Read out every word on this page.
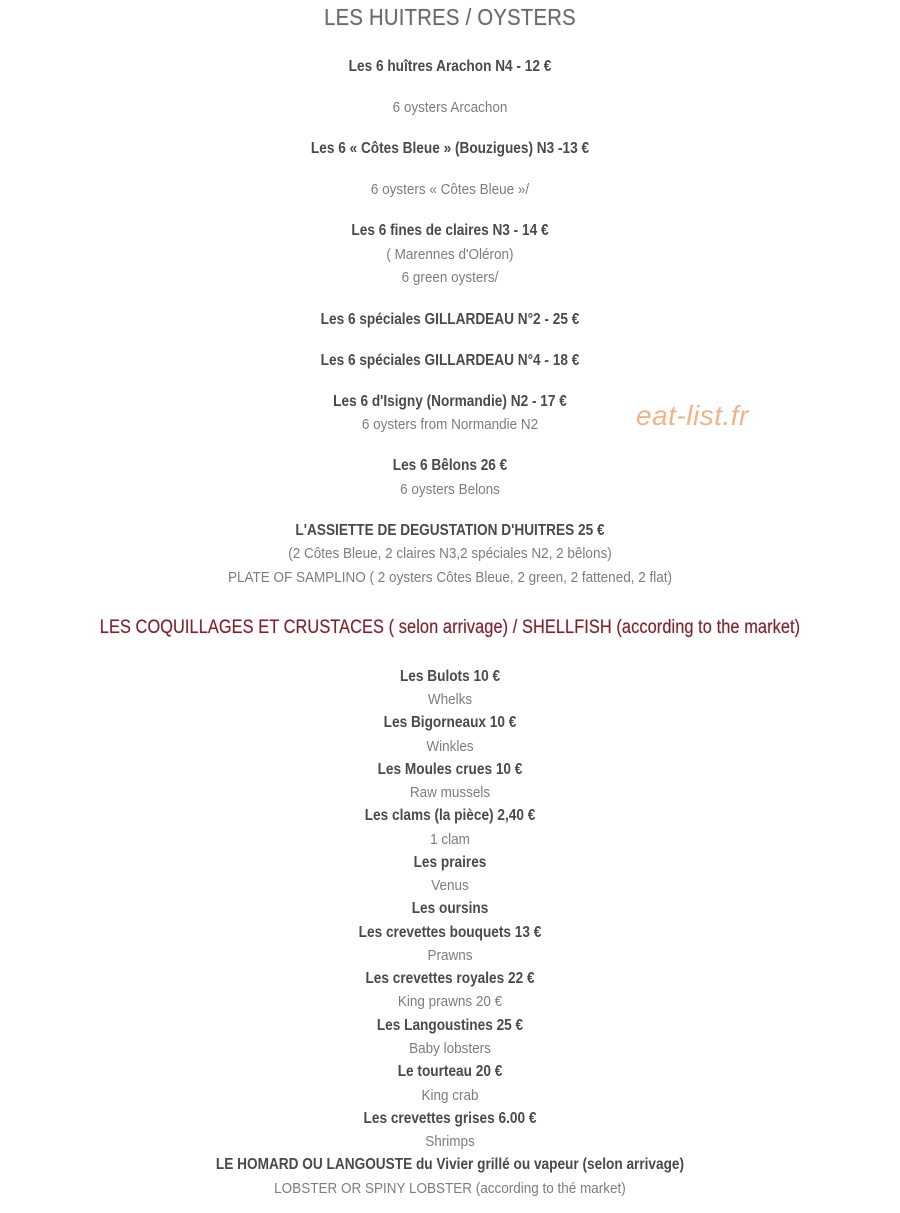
LES HUITRES / OYSTERS
Les 6 huîtres Arachon N4 - 12 €
6 oysters Arcachon
Les 6 « Côtes Bleue » (Bouzigues) N3 -13 €
6 oysters « Côtes Bleue »/
Les 6 fines de claires N3 - 14 €
( Marennes d'Oléron)
6 green oysters/
Les 6 spéciales GILLARDEAU N°2 - 25 €
Les 6 spéciales GILLARDEAU N°4 - 18 €
Les 6 d'Isigny (Normandie) N2 - 17 €
6 oysters from Normandie N2
Les 6 Bêlons 26 €
6 oysters Belons
L'ASSIETTE DE DEGUSTATION D'HUITRES 25 €
(2 Côtes Bleue, 2 claires N3,2 spéciales N2, 2 bêlons)
PLATE OF SAMPLINO ( 2 oysters Côtes Bleue, 2 green, 2 fattened, 2 flat)
LES COQUILLAGES ET CRUSTACES ( selon arrivage) / SHELLFISH (according to the market)
Les Bulots 10 €
Whelks
Les Bigorneaux 10 €
Winkles
Les Moules crues 10 €
Raw mussels
Les clams (la pièce) 2,40 €
1 clam
Les praires
Venus
Les oursins
Les crevettes bouquets 13 €
Prawns
Les crevettes royales 22 €
King prawns 20 €
Les Langoustines 25 €
Baby lobsters
Le tourteau 20 €
King crab
Les crevettes grises 6.00 €
Shrimps
LE HOMARD OU LANGOUSTE du Vivier grillé ou vapeur (selon arrivage)
LOBSTER OR SPINY LOBSTER (according to thé market)
eat-list.fr
